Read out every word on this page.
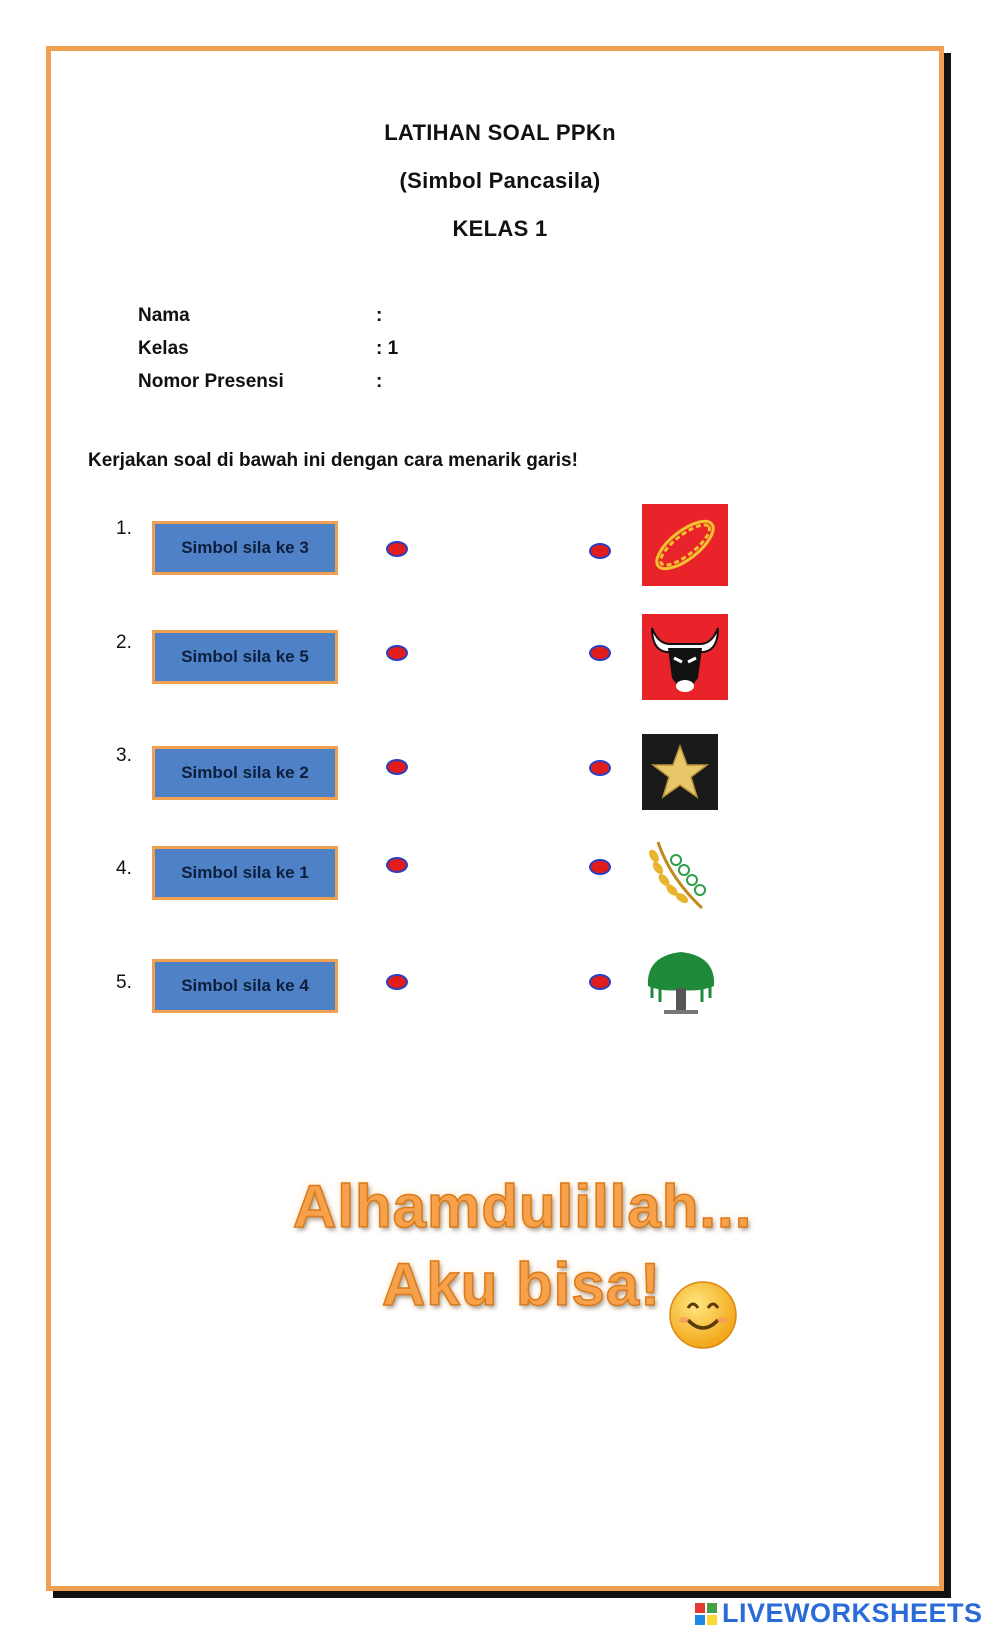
LATIHAN SOAL PPKn
(Simbol Pancasila)
KELAS 1
Nama	:
Kelas	: 1
Nomor Presensi	:
Kerjakan soal di bawah ini dengan cara menarik garis!
1.
Simbol sila ke 3
2.
Simbol sila ke 5
3.
Simbol sila ke 2
4.	Simbol sila ke 1
5.	Simbol sila ke 4
Alhamdulillah...
Aku bisa!
LIVEWORKSHEETS
